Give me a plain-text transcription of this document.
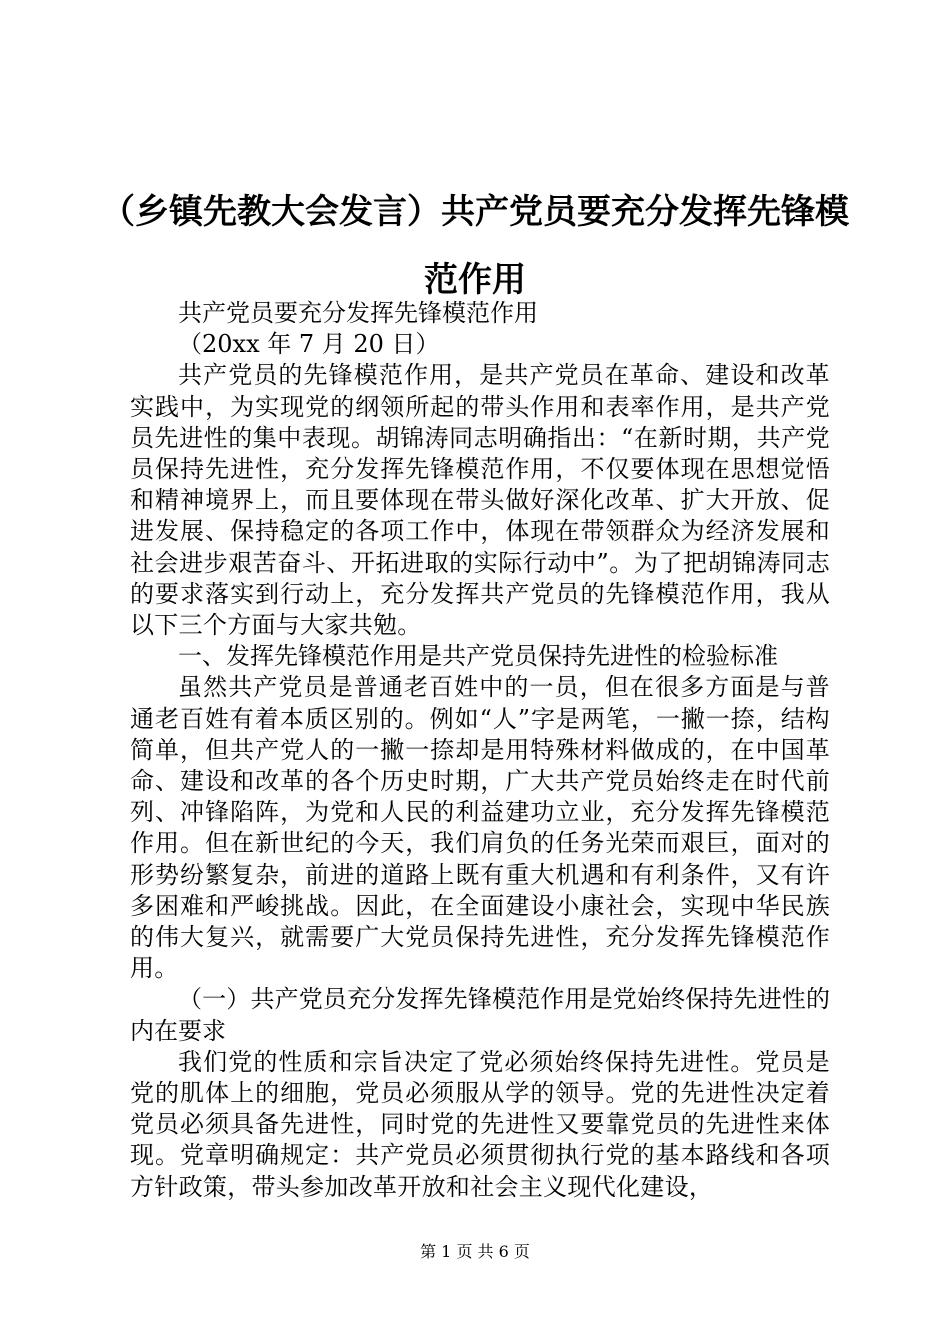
（乡镇先教大会发言）共产党员要充分发挥先锋模范作用

共产党员要充分发挥先锋模范作用

（20xx 年 7 月 20 日）

共产党员的先锋模范作用，是共产党员在革命、建设和改革实践中，为实现党的纲领所起的带头作用和表率作用，是共产党员先进性的集中表现。胡锦涛同志明确指出：“在新时期，共产党员保持先进性，充分发挥先锋模范作用，不仅要体现在思想觉悟和精神境界上，而且要体现在带头做好深化改革、扩大开放、促进发展、保持稳定的各项工作中，体现在带领群众为经济发展和社会进步艰苦奋斗、开拓进取的实际行动中”。为了把胡锦涛同志的要求落实到行动上，充分发挥共产党员的先锋模范作用，我从以下三个方面与大家共勉。

一、发挥先锋模范作用是共产党员保持先进性的检验标准

虽然共产党员是普通老百姓中的一员，但在很多方面是与普通老百姓有着本质区别的。例如“人”字是两笔，一撇一捺，结构简单，但共产党人的一撇一捺却是用特殊材料做成的，在中国革命、建设和改革的各个历史时期，广大共产党员始终走在时代前列、冲锋陷阵，为党和人民的利益建功立业，充分发挥先锋模范作用。但在新世纪的今天，我们肩负的任务光荣而艰巨，面对的形势纷繁复杂，前进的道路上既有重大机遇和有利条件，又有许多困难和严峻挑战。因此，在全面建设小康社会，实现中华民族的伟大复兴，就需要广大党员保持先进性，充分发挥先锋模范作用。

（一）共产党员充分发挥先锋模范作用是党始终保持先进性的内在要求

我们党的性质和宗旨决定了党必须始终保持先进性。党员是党的肌体上的细胞，党员必须服从学的领导。党的先进性决定着党员必须具备先进性，同时党的先进性又要靠党员的先进性来体现。党章明确规定：共产党员必须贯彻执行党的基本路线和各项方针政策，带头参加改革开放和社会主义现代化建设，

第 1 页 共 6 页
